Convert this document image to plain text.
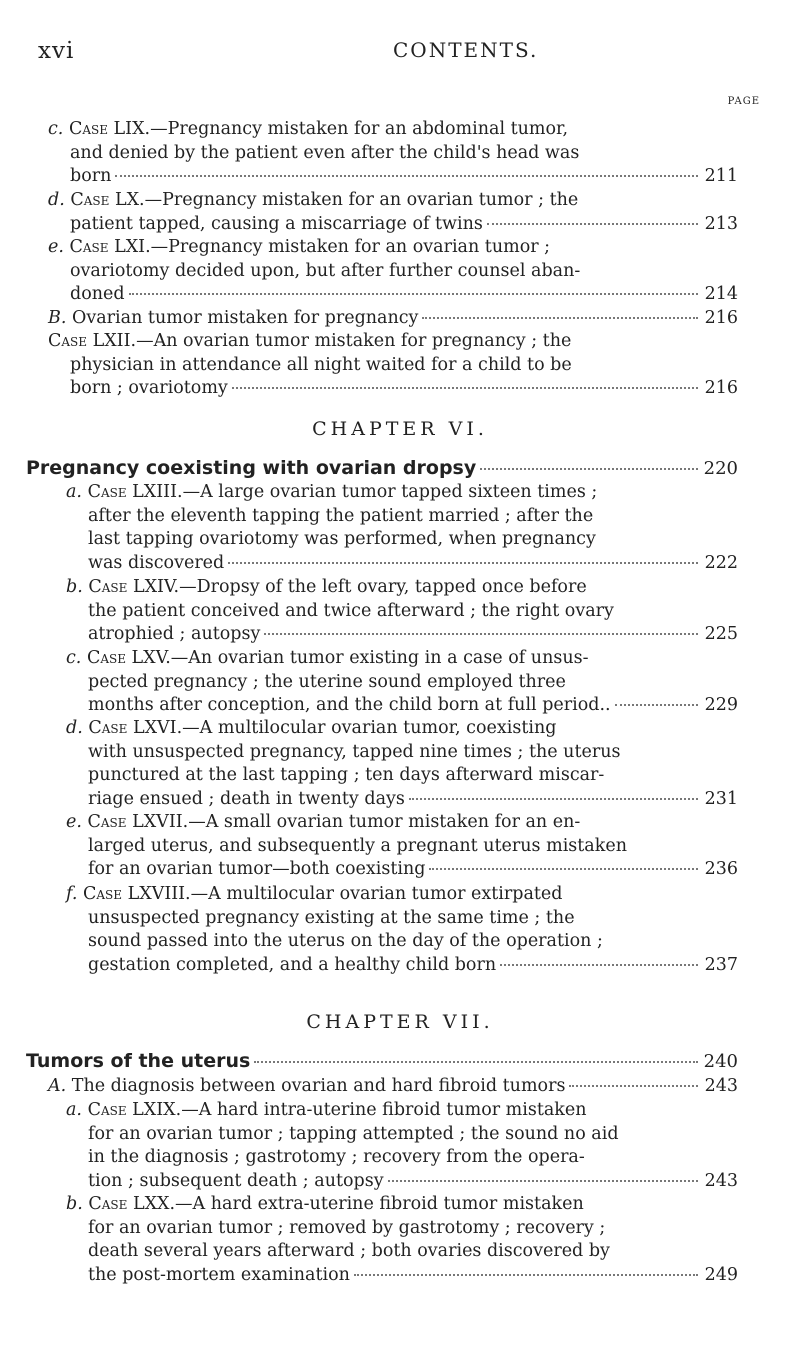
xvi	CONTENTS.
PAGE
c. Case LIX.—Pregnancy mistaken for an abdominal tumor,
and denied by the patient even after the child's head was
born	211
d. Case LX.—Pregnancy mistaken for an ovarian tumor ; the
patient tapped, causing a miscarriage of twins	213
e. Case LXI.—Pregnancy mistaken for an ovarian tumor ;
ovariotomy decided upon, but after further counsel aban-
doned	214
B. Ovarian tumor mistaken for pregnancy	216
Case LXII.—An ovarian tumor mistaken for pregnancy ; the
physician in attendance all night waited for a child to be
born ; ovariotomy	216
CHAPTER VI.
Pregnancy coexisting with ovarian dropsy	220
a. Case LXIII.—A large ovarian tumor tapped sixteen times ;
after the eleventh tapping the patient married ; after the
last tapping ovariotomy was performed, when pregnancy
was discovered	222
b. Case LXIV.—Dropsy of the left ovary, tapped once before
the patient conceived and twice afterward ; the right ovary
atrophied ; autopsy	225
c. Case LXV.—An ovarian tumor existing in a case of unsus-
pected pregnancy ; the uterine sound employed three
months after conception, and the child born at full period..	229
d. Case LXVI.—A multilocular ovarian tumor, coexisting
with unsuspected pregnancy, tapped nine times ; the uterus
punctured at the last tapping ; ten days afterward miscar-
riage ensued ; death in twenty days	231
e. Case LXVII.—A small ovarian tumor mistaken for an en-
larged uterus, and subsequently a pregnant uterus mistaken
for an ovarian tumor—both coexisting	236
f. Case LXVIII.—A multilocular ovarian tumor extirpated
unsuspected pregnancy existing at the same time ; the
sound passed into the uterus on the day of the operation ;
gestation completed, and a healthy child born	237
CHAPTER VII.
Tumors of the uterus	240
A. The diagnosis between ovarian and hard fibroid tumors	243
a. Case LXIX.—A hard intra-uterine fibroid tumor mistaken
for an ovarian tumor ; tapping attempted ; the sound no aid
in the diagnosis ; gastrotomy ; recovery from the opera-
tion ; subsequent death ; autopsy	243
b. Case LXX.—A hard extra-uterine fibroid tumor mistaken
for an ovarian tumor ; removed by gastrotomy ; recovery ;
death several years afterward ; both ovaries discovered by
the post-mortem examination	249
